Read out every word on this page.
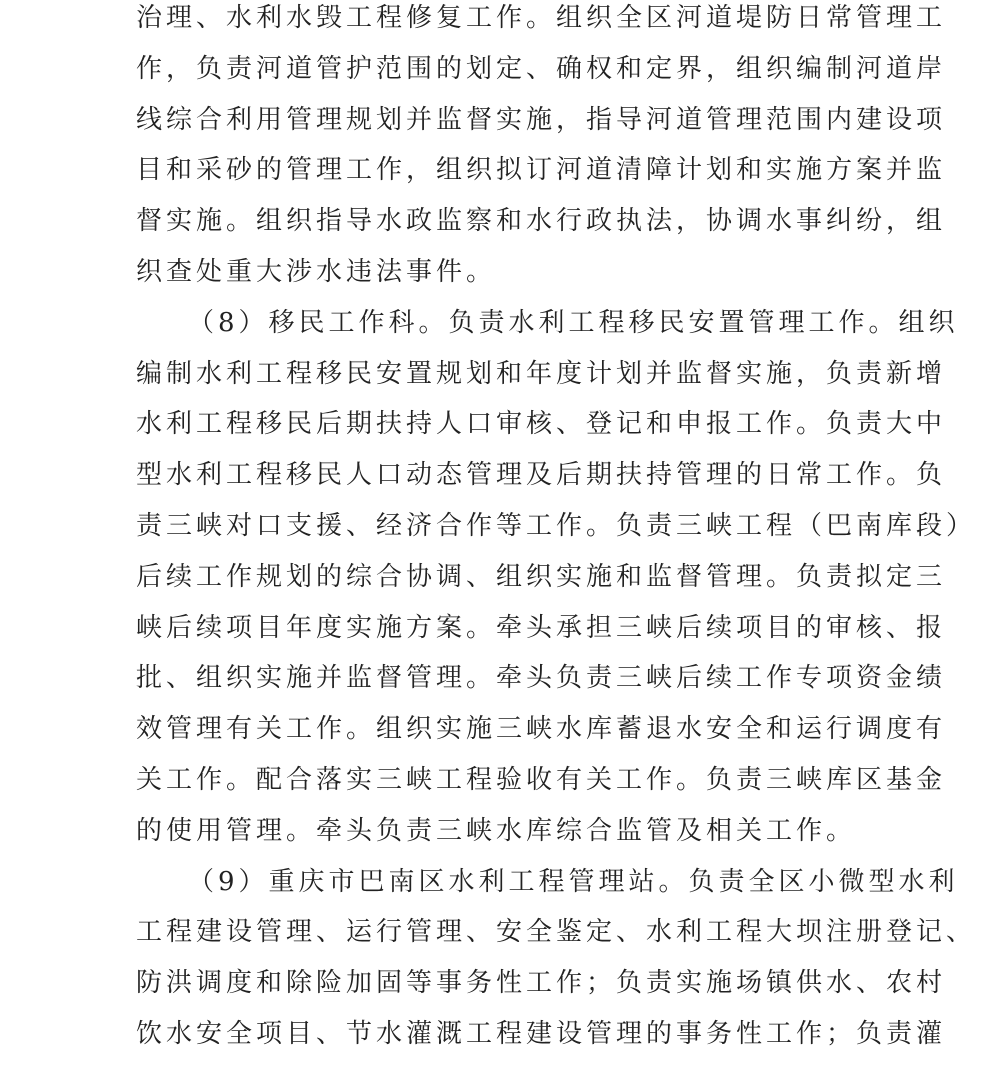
治理、水利水毁工程修复工作。组织全区河道堤防日常管理工
作，负责河道管护范围的划定、确权和定界，组织编制河道岸
线综合利用管理规划并监督实施，指导河道管理范围内建设项
目和采砂的管理工作，组织拟订河道清障计划和实施方案并监
督实施。组织指导水政监察和水行政执法，协调水事纠纷，组
织查处重大涉水违法事件。
（8）移民工作科。负责水利工程移民安置管理工作。组织
编制水利工程移民安置规划和年度计划并监督实施，负责新增
水利工程移民后期扶持人口审核、登记和申报工作。负责大中
型水利工程移民人口动态管理及后期扶持管理的日常工作。负
责三峡对口支援、经济合作等工作。负责三峡工程（巴南库段）
后续工作规划的综合协调、组织实施和监督管理。负责拟定三
峡后续项目年度实施方案。牵头承担三峡后续项目的审核、报
批、组织实施并监督管理。牵头负责三峡后续工作专项资金绩
效管理有关工作。组织实施三峡水库蓄退水安全和运行调度有
关工作。配合落实三峡工程验收有关工作。负责三峡库区基金
的使用管理。牵头负责三峡水库综合监管及相关工作。
（9）重庆市巴南区水利工程管理站。负责全区小微型水利
工程建设管理、运行管理、安全鉴定、水利工程大坝注册登记、
防洪调度和除险加固等事务性工作；负责实施场镇供水、农村
饮水安全项目、节水灌溉工程建设管理的事务性工作；负责灌
